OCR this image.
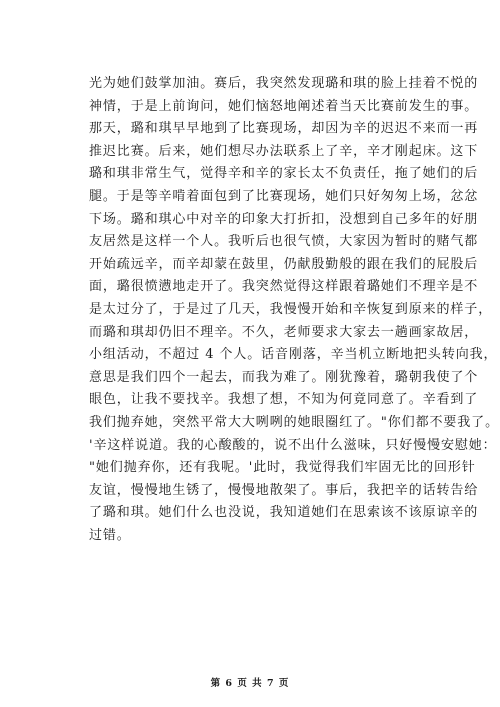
光为她们鼓掌加油。赛后，我突然发现璐和琪的脸上挂着不悦的
神情，于是上前询问，她们恼怒地阐述着当天比赛前发生的事。
那天，璐和琪早早地到了比赛现场，却因为辛的迟迟不来而一再
推迟比赛。后来，她们想尽办法联系上了辛，辛才刚起床。这下
璐和琪非常生气，觉得辛和辛的家长太不负责任，拖了她们的后
腿。于是等辛啃着面包到了比赛现场，她们只好匆匆上场，忿忿
下场。璐和琪心中对辛的印象大打折扣，没想到自己多年的好朋
友居然是这样一个人。我听后也很气愤，大家因为暂时的赌气都
开始疏远辛，而辛却蒙在鼓里，仍献殷勤般的跟在我们的屁股后
面，璐很愤懑地走开了。我突然觉得这样跟着璐她们不理辛是不
是太过分了，于是过了几天，我慢慢开始和辛恢复到原来的样子，
而璐和琪却仍旧不理辛。不久，老师要求大家去一趟画家故居，
小组活动，不超过 4 个人。话音刚落，辛当机立断地把头转向我，
意思是我们四个一起去，而我为难了。刚犹豫着，璐朝我使了个
眼色，让我不要找辛。我想了想，不知为何竟同意了。辛看到了
我们抛弃她，突然平常大大咧咧的她眼圈红了。"你们都不要我了。
'辛这样说道。我的心酸酸的，说不出什么滋味，只好慢慢安慰她：
"她们抛弃你，还有我呢。'此时，我觉得我们牢固无比的回形针
友谊，慢慢地生锈了，慢慢地散架了。事后，我把辛的话转告给
了璐和琪。她们什么也没说，我知道她们在思索该不该原谅辛的
过错。
第 6 页 共 7 页
